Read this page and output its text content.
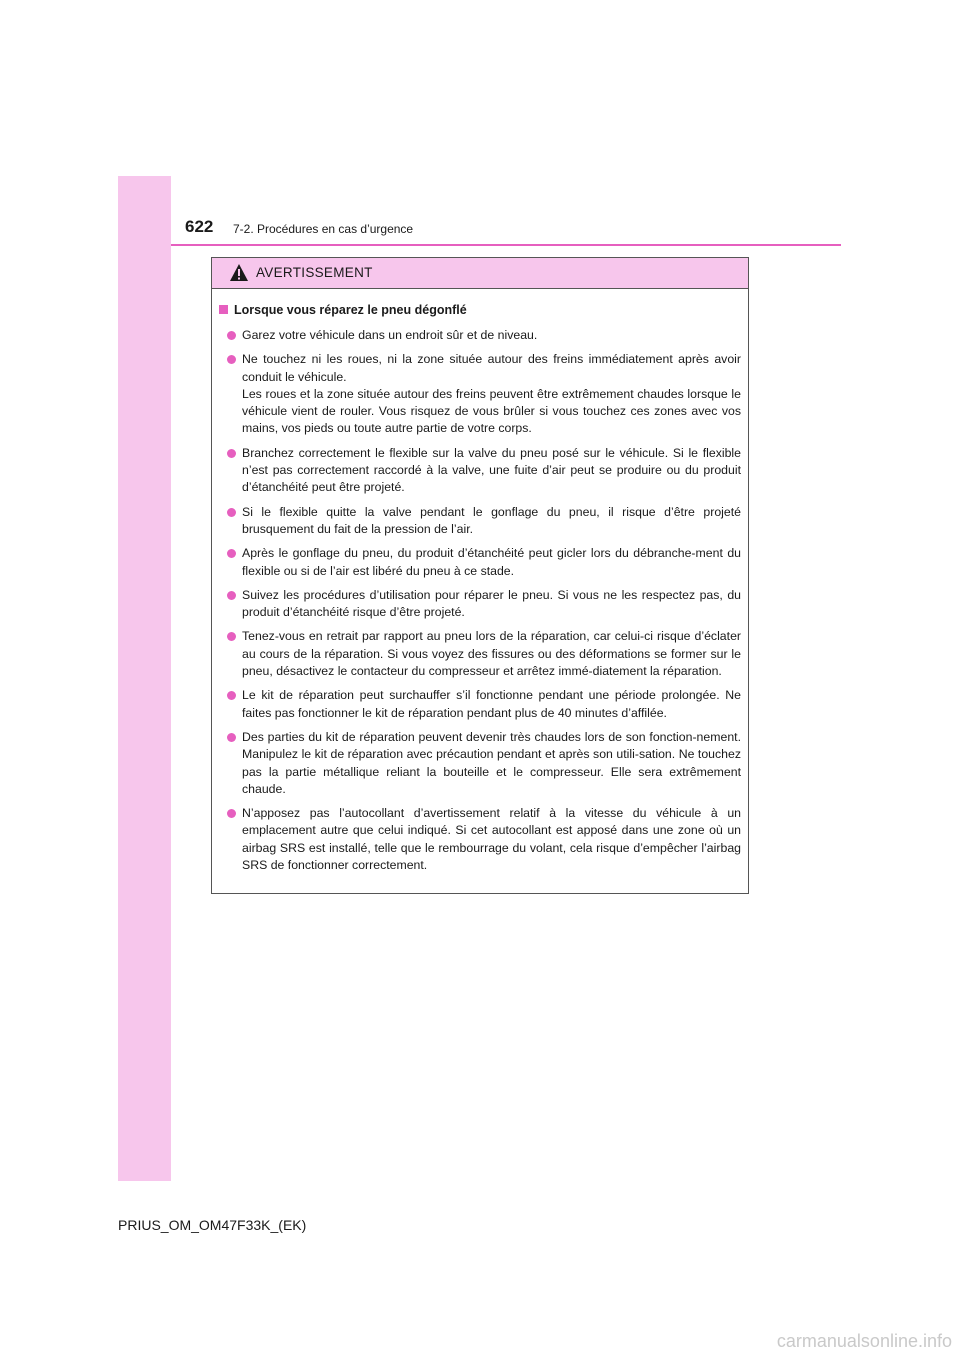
622 7-2. Procédures en cas d’urgence
AVERTISSEMENT
Lorsque vous réparez le pneu dégonflé

Garez votre véhicule dans un endroit sûr et de niveau.

Ne touchez ni les roues, ni la zone située autour des freins immédiatement après avoir conduit le véhicule.

Les roues et la zone située autour des freins peuvent être extrêmement chaudes lorsque le véhicule vient de rouler. Vous risquez de vous brûler si vous touchez ces zones avec vos mains, vos pieds ou toute autre partie de votre corps.

Branchez correctement le flexible sur la valve du pneu posé sur le véhicule. Si le flexible n’est pas correctement raccordé à la valve, une fuite d’air peut se produire ou du produit d’étanchéité peut être projeté.

Si le flexible quitte la valve pendant le gonflage du pneu, il risque d’être projeté brusquement du fait de la pression de l’air.

Après le gonflage du pneu, du produit d’étanchéité peut gicler lors du débranche-ment du flexible ou si de l’air est libéré du pneu à ce stade.

Suivez les procédures d’utilisation pour réparer le pneu. Si vous ne les respectez pas, du produit d’étanchéité risque d’être projeté.

Tenez-vous en retrait par rapport au pneu lors de la réparation, car celui-ci risque d’éclater au cours de la réparation. Si vous voyez des fissures ou des déformations se former sur le pneu, désactivez le contacteur du compresseur et arrêtez immé-diatement la réparation.

Le kit de réparation peut surchauffer s’il fonctionne pendant une période prolongée. Ne faites pas fonctionner le kit de réparation pendant plus de 40 minutes d’affilée.

Des parties du kit de réparation peuvent devenir très chaudes lors de son fonction-nement. Manipulez le kit de réparation avec précaution pendant et après son utili-sation. Ne touchez pas la partie métallique reliant la bouteille et le compresseur. Elle sera extrêmement chaude.

N’apposez pas l’autocollant d’avertissement relatif à la vitesse du véhicule à un emplacement autre que celui indiqué. Si cet autocollant est apposé dans une zone où un airbag SRS est installé, telle que le rembourrage du volant, cela risque d’empêcher l’airbag SRS de fonctionner correctement.

PRIUS_OM_OM47F33K_(EK)
carmanualsonline.info
